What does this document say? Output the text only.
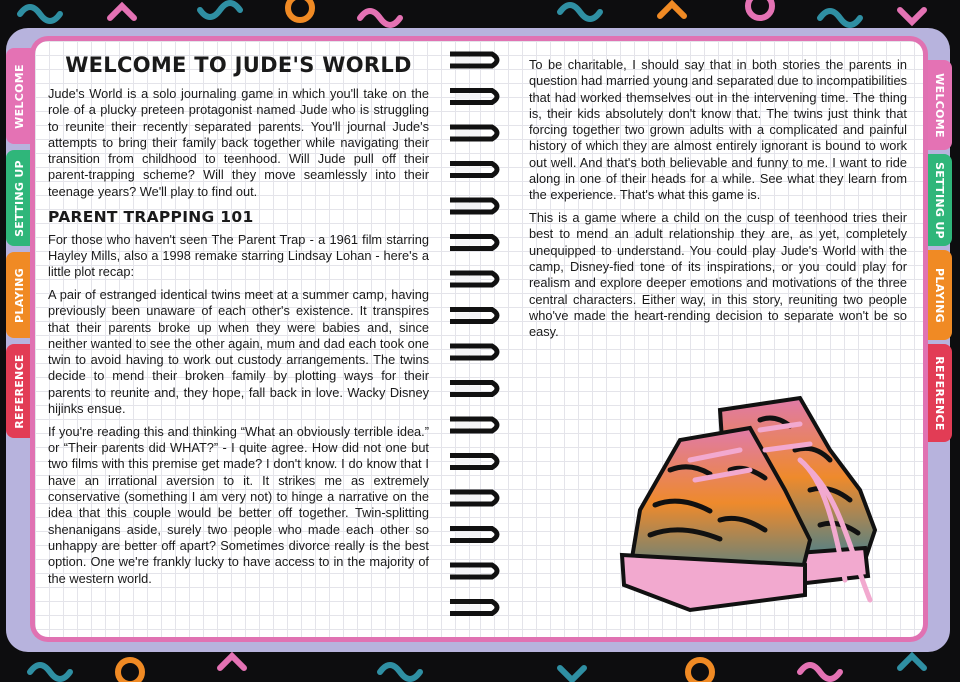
WELCOME
SETTING UP
PLAYING
REFERENCE
WELCOME
SETTING UP
PLAYING
REFERENCE
WELCOME TO JUDE'S WORLD

Jude's World is a solo journaling game in which you'll take on the role of a plucky preteen protagonist named Jude who is struggling to reunite their recently separated parents. You'll journal Jude's attempts to bring their family back together while navigating their transition from childhood to teenhood. Will Jude pull off their parent-trapping scheme? Will they move seamlessly into their teenage years? We'll play to find out.

PARENT TRAPPING 101

For those who haven't seen The Parent Trap - a 1961 film starring Hayley Mills, also a 1998 remake starring Lindsay Lohan - here's a little plot recap:

A pair of estranged identical twins meet at a summer camp, having previously been unaware of each other's existence. It transpires that their parents broke up when they were babies and, since neither wanted to see the other again, mum and dad each took one twin to avoid having to work out custody arrangements. The twins decide to mend their broken family by plotting ways for their parents to reunite and, they hope, fall back in love. Wacky Disney hijinks ensue.

If you're reading this and thinking “What an obviously terrible idea.” or “Their parents did WHAT?” - I quite agree. How did not one but two films with this premise get made? I don't know. I do know that I have an irrational aversion to it. It strikes me as extremely conservative (something I am very not) to hinge a narrative on the idea that this couple would be better off together. Twin-splitting shenanigans aside, surely two people who made each other so unhappy are better off apart? Sometimes divorce really is the best option. One we're frankly lucky to have access to in the majority of the western world.

To be charitable, I should say that in both stories the parents in question had married young and separated due to incompatibilities that had worked themselves out in the intervening time. The thing is, their kids absolutely don't know that. The twins just think that forcing together two grown adults with a complicated and painful history of which they are almost entirely ignorant is bound to work out well. And that's both believable and funny to me. I want to ride along in one of their heads for a while. See what they learn from the experience. That's what this game is.

This is a game where a child on the cusp of teenhood tries their best to mend an adult relationship they are, as yet, completely unequipped to understand. You could play Jude's World with the camp, Disney-fied tone of its inspirations, or you could play for realism and explore deeper emotions and motivations of the three central characters. Either way, in this story, reuniting two people who've made the heart-rending decision to separate won't be so easy.
